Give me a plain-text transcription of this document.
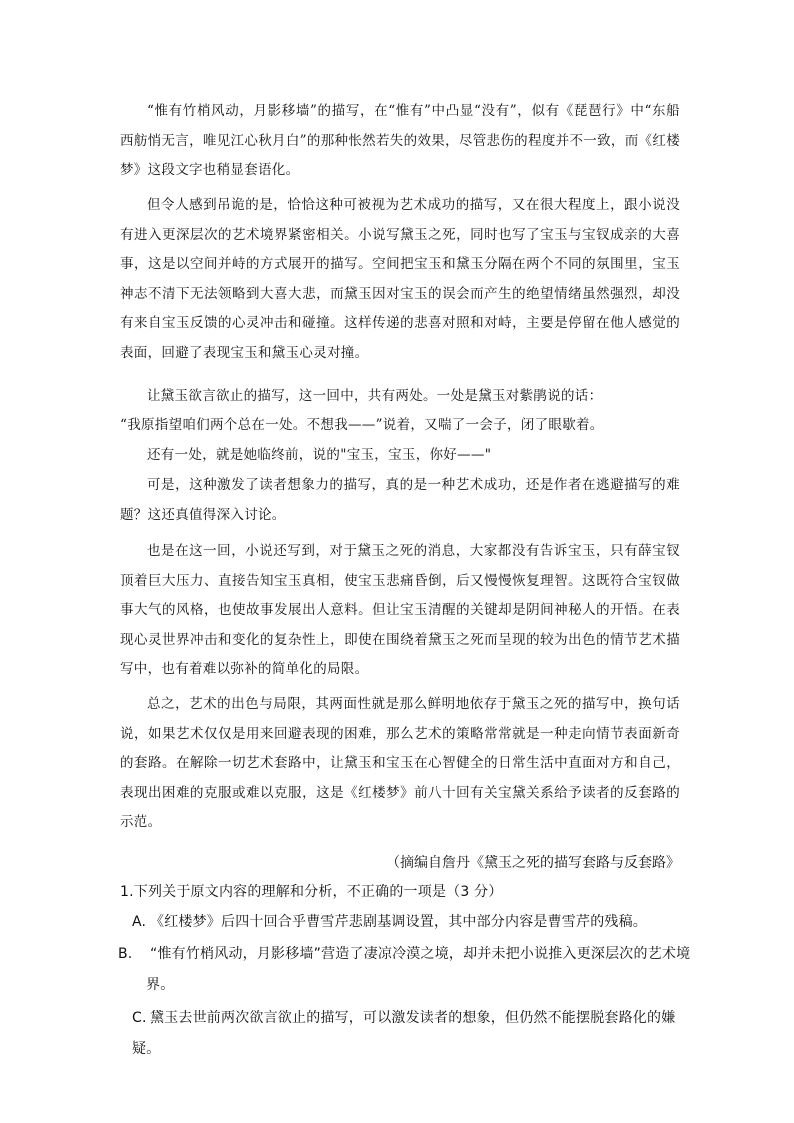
“惟有竹梢风动，月影移墙”的描写，在“惟有”中凸显“没有”，似有《琵琶行》中“东船西舫悄无言，唯见江心秋月白”的那种怅然若失的效果，尽管悲伤的程度并不一致，而《红楼梦》这段文字也稍显套语化。

但令人感到吊诡的是，恰恰这种可被视为艺术成功的描写，又在很大程度上，跟小说没有进入更深层次的艺术境界紧密相关。小说写黛玉之死，同时也写了宝玉与宝钗成亲的大喜事，这是以空间并峙的方式展开的描写。空间把宝玉和黛玉分隔在两个不同的氛围里，宝玉神志不清下无法领略到大喜大悲，而黛玉因对宝玉的误会而产生的绝望情绪虽然强烈，却没有来自宝玉反馈的心灵冲击和碰撞。这样传递的悲喜对照和对峙，主要是停留在他人感觉的表面，回避了表现宝玉和黛玉心灵对撞。

让黛玉欲言欲止的描写，这一回中，共有两处。一处是黛玉对紫鹃说的话：

“我原指望咱们两个总在一处。不想我——”说着，又喘了一会子，闭了眼歇着。

还有一处，就是她临终前，说的"宝玉，宝玉，你好——"

可是，这种激发了读者想象力的描写，真的是一种艺术成功，还是作者在逃避描写的难题？这还真值得深入讨论。

也是在这一回，小说还写到，对于黛玉之死的消息，大家都没有告诉宝玉，只有薛宝钗顶着巨大压力、直接告知宝玉真相，使宝玉悲痛昏倒，后又慢慢恢复理智。这既符合宝钗做事大气的风格，也使故事发展出人意料。但让宝玉清醒的关键却是阴间神秘人的开悟。在表现心灵世界冲击和变化的复杂性上，即使在围绕着黛玉之死而呈现的较为出色的情节艺术描写中，也有着难以弥补的简单化的局限。

总之，艺术的出色与局限，其两面性就是那么鲜明地依存于黛玉之死的描写中，换句话说，如果艺术仅仅是用来回避表现的困难，那么艺术的策略常常就是一种走向情节表面新奇的套路。在解除一切艺术套路中，让黛玉和宝玉在心智健全的日常生活中直面对方和自己，表现出困难的克服或难以克服，这是《红楼梦》前八十回有关宝黛关系给予读者的反套路的示范。

（摘编自詹丹《黛玉之死的描写套路与反套路》

1.下列关于原文内容的理解和分析，不正确的一项是（3 分）

A. 《红楼梦》后四十回合乎曹雪芹悲剧基调设置，其中部分内容是曹雪芹的残稿。

B. “惟有竹梢风动，月影移墙”营造了凄凉冷漠之境，却并未把小说推入更深层次的艺术境界。

C. 黛玉去世前两次欲言欲止的描写，可以激发读者的想象，但仍然不能摆脱套路化的嫌疑。
